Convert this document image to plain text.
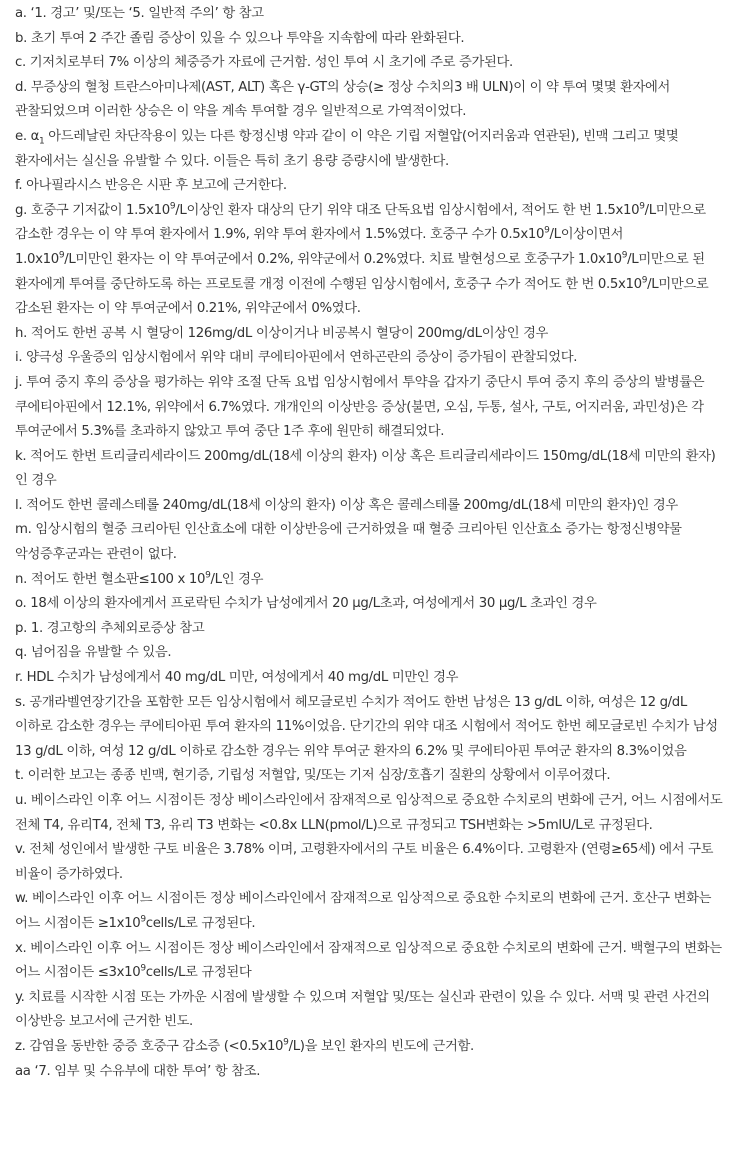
a. ‘1. 경고’ 및/또는 ‘5. 일반적 주의’ 항 참고

b. 초기 투여 2 주간 졸림 증상이 있을 수 있으나 투약을 지속함에 따라 완화된다.

c. 기저치로부터 7% 이상의 체중증가 자료에 근거함. 성인 투여 시 초기에 주로 증가된다.

d. 무증상의 혈청 트란스아미나제(AST, ALT) 혹은 γ-GT의 상승(≥ 정상 수치의3 배 ULN)이 이 약 투여 몇몇 환자에서 관찰되었으며 이러한 상승은 이 약을 계속 투여할 경우 일반적으로 가역적이었다.

e. $\alpha_1$ 아드레날린 차단작용이 있는 다른 항정신병 약과 같이 이 약은 기립 저혈압(어지러움과 연관된), 빈맥 그리고 몇몇 환자에서는 실신을 유발할 수 있다. 이들은 특히 초기 용량 증량시에 발생한다.

f. 아나필라시스 반응은 시판 후 보고에 근거한다.

g. 호중구 기저값이 $1.5x10^9/L$이상인 환자 대상의 단기 위약 대조 단독요법 임상시험에서, 적어도 한 번 $1.5x10^9/L$미만으로 감소한 경우는 이 약 투여 환자에서 1.9%, 위약 투여 환자에서 1.5%였다. 호중구 수가 $0.5x10^9/L$이상이면서 $1.0x10^9/L$미만인 환자는 이 약 투여군에서 0.2%, 위약군에서 0.2%였다. 치료 발현성으로 호중구가 $1.0x10^9/L$미만으로 된 환자에게 투여를 중단하도록 하는 프로토콜 개정 이전에 수행된 임상시험에서, 호중구 수가 적어도 한 번 $0.5x10^9/L$미만으로 감소된 환자는 이 약 투여군에서 0.21%, 위약군에서 0%였다.

h. 적어도 한번 공복 시 혈당이 126mg/dL 이상이거나 비공복시 혈당이 200mg/dL이상인 경우

i. 양극성 우울증의 임상시험에서 위약 대비 쿠에티아핀에서 연하곤란의 증상이 증가됨이 관찰되었다.

j. 투여 중지 후의 증상을 평가하는 위약 조절 단독 요법 임상시험에서 투약을 갑자기 중단시 투여 중지 후의 증상의 발병률은 쿠에티아핀에서 12.1%, 위약에서 6.7%였다. 개개인의 이상반응 증상(불면, 오심, 두통, 설사, 구토, 어지러움, 과민성)은 각 투여군에서 5.3%를 초과하지 않았고 투여 중단 1주 후에 원만히 해결되었다.

k. 적어도 한번 트리글리세라이드 200mg/dL(18세 이상의 환자) 이상 혹은 트리글리세라이드 150mg/dL(18세 미만의 환자)인 경우

l. 적어도 한번 콜레스테롤 240mg/dL(18세 이상의 환자) 이상 혹은 콜레스테롤 200mg/dL(18세 미만의 환자)인 경우

m. 임상시험의 혈중 크리아틴 인산효소에 대한 이상반응에 근거하였을 때 혈중 크리아틴 인산효소 증가는 항정신병약물 악성증후군과는 관련이 없다.

n. 적어도 한번 혈소판≤100 x $10^9/L$인 경우

o. 18세 이상의 환자에게서 프로락틴 수치가 남성에게서 20 μg/L초과, 여성에게서 30 μg/L 초과인 경우

p. 1. 경고항의 추체외로증상 참고

q. 넘어짐을 유발할 수 있음.

r. HDL 수치가 남성에게서 40 mg/dL 미만, 여성에게서 40 mg/dL 미만인 경우

s. 공개라벨연장기간을 포함한 모든 임상시험에서 헤모글로빈 수치가 적어도 한번 남성은 13 g/dL 이하, 여성은 12 g/dL 이하로 감소한 경우는 쿠에티아핀 투여 환자의 11%이었음. 단기간의 위약 대조 시험에서 적어도 한번 헤모글로빈 수치가 남성 13 g/dL 이하, 여성 12 g/dL 이하로 감소한 경우는 위약 투여군 환자의 6.2% 및 쿠에티아핀 투여군 환자의 8.3%이었음

t. 이러한 보고는 종종 빈맥, 현기증, 기립성 저혈압, 및/또는 기저 심장/호흡기 질환의 상황에서 이루어졌다.

u. 베이스라인 이후 어느 시점이든 정상 베이스라인에서 잠재적으로 임상적으로 중요한 수치로의 변화에 근거, 어느 시점에서도 전체 T4, 유리T4, 전체 T3, 유리 T3 변화는 <0.8x LLN(pmol/L)으로 규정되고 TSH변화는 >5mlU/L로 규정된다.

v. 전체 성인에서 발생한 구토 비율은 3.78% 이며, 고령환자에서의 구토 비율은 6.4%이다. 고령환자 (연령≥65세) 에서 구토 비율이 증가하였다.

w. 베이스라인 이후 어느 시점이든 정상 베이스라인에서 잠재적으로 임상적으로 중요한 수치로의 변화에 근거. 호산구 변화는 어느 시점이든 $\ge 1x10^9cells/L$로 규정된다.

x. 베이스라인 이후 어느 시점이든 정상 베이스라인에서 잠재적으로 임상적으로 중요한 수치로의 변화에 근거. 백혈구의 변화는 어느 시점이든 $\le 3x10^9cells/L$로 규정된다

y. 치료를 시작한 시점 또는 가까운 시점에 발생할 수 있으며 저혈압 및/또는 실신과 관련이 있을 수 있다. 서맥 및 관련 사건의 이상반응 보고서에 근거한 빈도.

z. 감염을 동반한 중증 호중구 감소증 $(<0.5x10^9/L)$을 보인 환자의 빈도에 근거함.

aa ‘7. 임부 및 수유부에 대한 투여’ 항 참조.
